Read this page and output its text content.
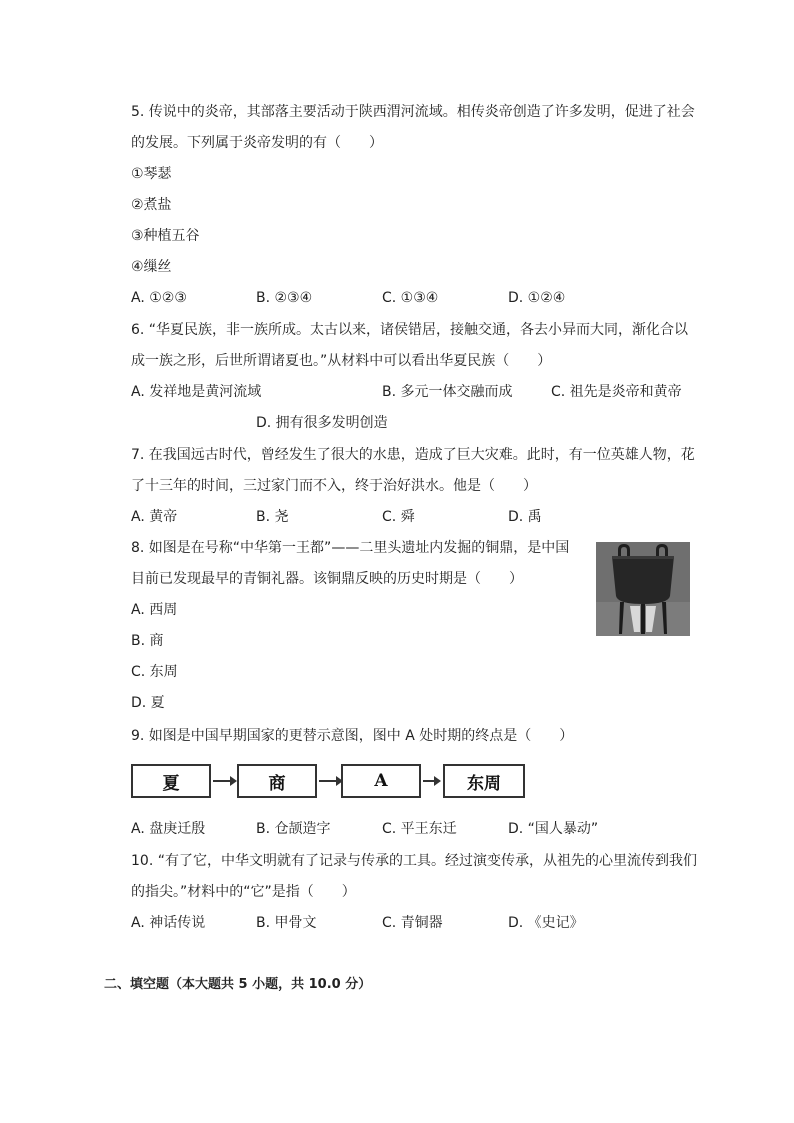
5. 传说中的炎帝，其部落主要活动于陕西渭河流域。相传炎帝创造了许多发明，促进了社会
的发展。下列属于炎帝发明的有（　　）
①琴瑟
②煮盐
③种植五谷
④缫丝
A. ①②③	B. ②③④	C. ①③④	D. ①②④
6. “华夏民族，非一族所成。太古以来，诸侯错居，接触交通，各去小异而大同，渐化合以
成一族之形，后世所谓诸夏也。”从材料中可以看出华夏民族（　　）
A. 发祥地是黄河流域	B. 多元一体交融而成	C. 祖先是炎帝和黄帝
D. 拥有很多发明创造
7. 在我国远古时代，曾经发生了很大的水患，造成了巨大灾难。此时，有一位英雄人物，花
了十三年的时间，三过家门而不入，终于治好洪水。他是（　　）
A. 黄帝	B. 尧	C. 舜	D. 禹
8. 如图是在号称“中华第一王都”——二里头遗址内发掘的铜鼎，是中国
目前已发现最早的青铜礼器。该铜鼎反映的历史时期是（　　）
A. 西周
B. 商
C. 东周
D. 夏
9. 如图是中国早期国家的更替示意图，图中 A 处时期的终点是（　　）
夏	商	A	东周
A. 盘庚迁殷	B. 仓颉造字	C. 平王东迁	D. “国人暴动”
10. “有了它，中华文明就有了记录与传承的工具。经过演变传承，从祖先的心里流传到我们
的指尖。”材料中的“它”是指（　　）
A. 神话传说	B. 甲骨文	C. 青铜器	D. 《史记》
二、填空题（本大题共 5 小题，共 10.0 分）
